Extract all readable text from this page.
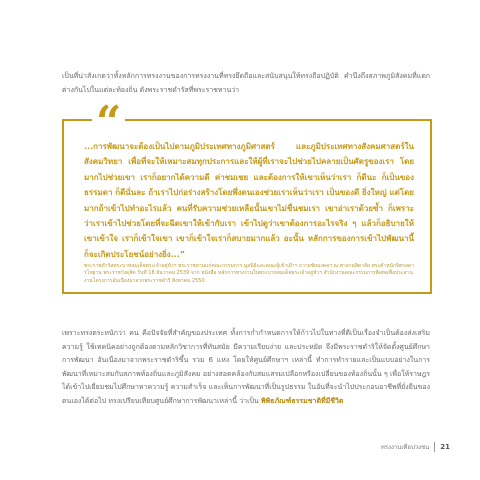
เป็นที่น่าสังเกตว่าทั้งหลักการทรงงานของการทรงงานที่ทรงยึดถือและสนับสนุนให้ทรงถือปฏิบัติ คำนึงถึงสภาพภูมิสังคมที่แตกต่างกันไปในแต่ละท้องถิ่น ดังพระราชดำรัสที่พระราชทานว่า

“

...การพัฒนาจะต้องเป็นไปตามภูมิประเทศทางภูมิศาสตร์ และภูมิประเทศทางสังคมศาสตร์ในสังคมวิทยา เพื่อที่จะให้เหมาะสมทุกประการและให้ผู้ที่เราจะไปช่วยไปคลายเป็นศัตรูของเรา โดยมากไปช่วยเขา เราก็อยากได้ความดี ค่าชมเชย และต้องการให้เขาเห็นว่าเรา ก็ดีนะ ก็เป็นของธรรมดา ก็ดีนั่นละ ถ้าเราไปก่อร่างสร้างโดยพึ่งตนเองช่วยเราเห็นว่าเรา เป็นของดี ยิ่งใหญ่ แต่โดยมากถ้าเข้าไปทำอะไรแล้ว คนที่รับความช่วยเหลือนั้นเขาไม่ชื่นชมเรา เขาอ่าเราด้วยซ้ำ ก็เพราะว่าเราเข้าไปช่วยโดยที่จะฉีดเขาให้เข้ากับเรา เข้าไปดูว่าเขาต้องการอะไรจริง ๆ แล้วก็อธิบายให้เขาเข้าใจ เราก็เข้าใจเขา เขาก็เข้าใจเราก็สบายมากแล้ว อะนั้น หลักการของการเข้าไปพัฒนานี้ก็จะเกิดประโยชน์อย่างยิ่ง...”

พระราชดำรัสพระบาทสมเด็จพระเจ้าอยู่หัวฯ พระราชทานแก่คณะกรรมการ มูลนิธิและคณะผู้เข้าเฝ้าฯ ถวายชัยมงคลฯ ณ ศาลาดุสิดาลัย พระตำหนักจิตรลดารโหฐาน พระราชวังดุสิต วันที่ 18 ธันวาคม 2539 จาก หนังสือ หลักการทรงงานในพระบาทสมเด็จพระเจ้าอยู่หัวฯ สำนักงานคณะกรรมการพิเศษเพื่อประสานงานโครงการอันเนื่องมาจากพระราชดำริ สิงหาคม 2550

เพราะทรงตระหนักว่า คน คือปัจจัยที่สำคัญของประเทศ ทั้งการก่ำกำหนดการให้ก้าวไปในทางที่ดีเป็นเรื่องจำเป็นต้องส่งเสริมความรู้ ใช้เทคนิคอย่างถูกต้องตามหลักวิชาการที่ทันสมัย มีความเรียบง่าย และประหยัด จึงมีพระราชดำริให้จัดตั้งศูนย์ศึกษาการพัฒนา อันเนื่องมาจากพระราชดำริขึ้น รวม 6 แห่ง โดยให้ศูนย์ศึกษาฯ เหล่านี้ ทำการทำรายและเป็นแบบอย่างในการพัฒนาที่เหมาะสมกับสภาพท้องถิ่นและภูมิสังคม อย่างสอดคล้องกับสมแสรมเปลือกหรืองเปลี่ยนของท้องถิ่นนั้น ๆ เพื่อให้ราษฎรได้เข้าไปเยี่ยมชมไปศึกษาหาความรู้ ความสำเร็จ และเห็นการพัฒนาที่เป็นรูปธรรม ในอันที่จะนำไปประกอบอาชีพที่ยั่งยืนของตนเองได้ต่อไป ทรงเปรียบเทียบศูนย์ศึกษาการพัฒนาเหล่านี้ ว่าเป็น พิพิธภัณฑ์ธรรมชาติที่มีชีวิต

ทรงงานเพื่อปวงชน 21
